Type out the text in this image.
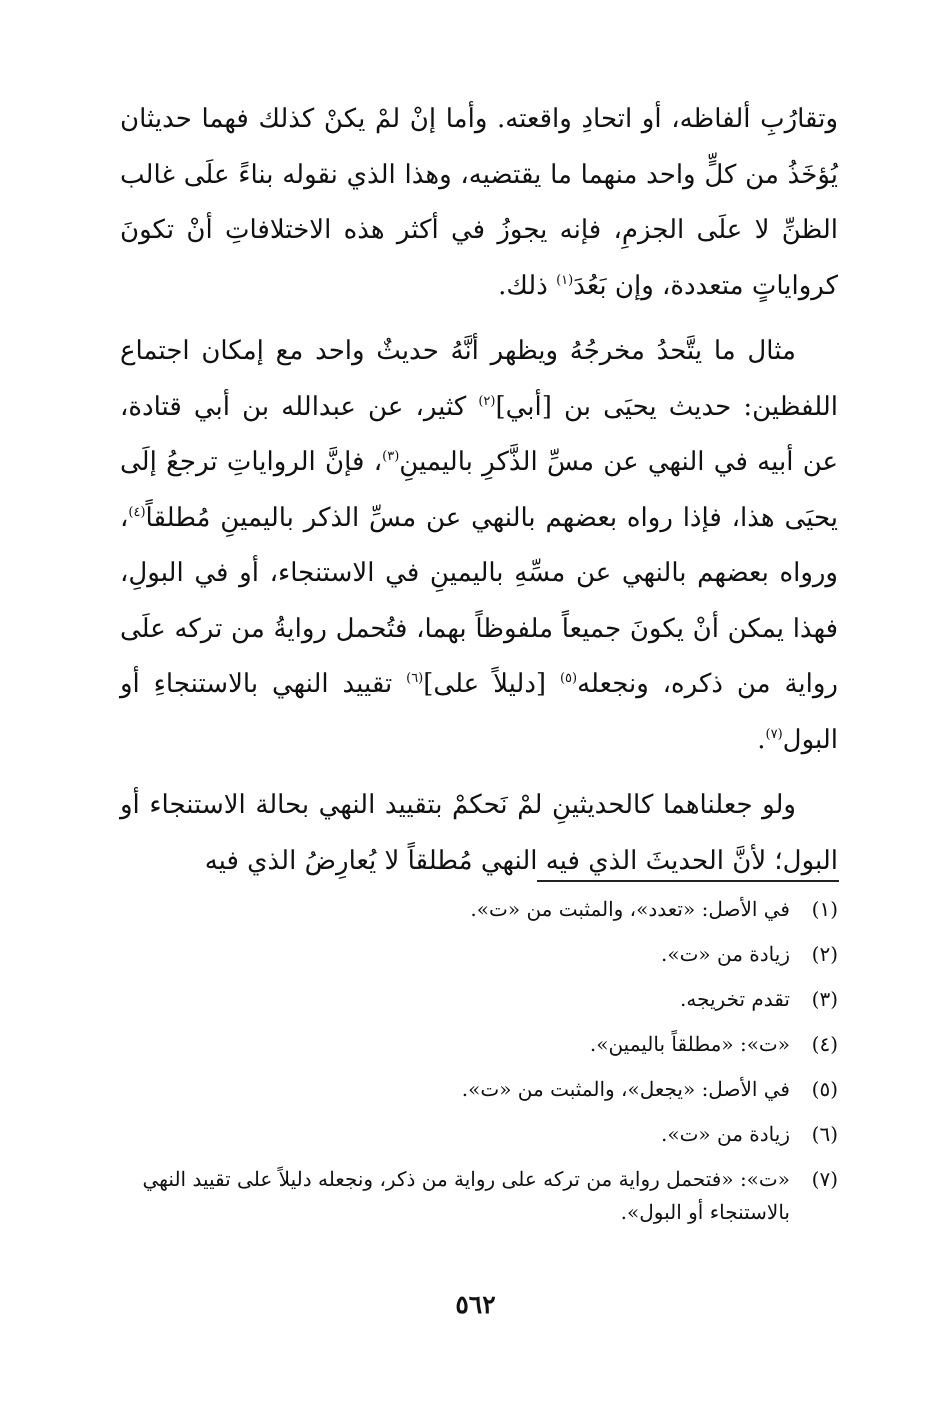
وتقارُبِ ألفاظه، أو اتحادِ واقعته. وأما إنْ لمْ يكنْ كذلك فهما حديثان يُؤخَذُ من كلٍّ واحد منهما ما يقتضيه، وهذا الذي نقوله بناءً علَى غالب الظنِّ لا علَى الجزمِ، فإنه يجوزُ في أكثر هذه الاختلافاتِ أنْ تكونَ كرواياتٍ متعددة، وإن بَعُدَ$^{(١)}$ ذلك.

مثال ما يتَّحدُ مخرجُهُ ويظهر أنَّهُ حديثٌ واحد مع إمكان اجتماع اللفظين: حديث يحيَى بن [أبي]$^{(٢)}$ كثير، عن عبدالله بن أبي قتادة، عن أبيه في النهي عن مسِّ الذَّكرِ باليمينِ$^{(٣)}$، فإنَّ الرواياتِ ترجعُ إلَى يحيَى هذا، فإذا رواه بعضهم بالنهي عن مسِّ الذكر باليمينِ مُطلقاً$^{(٤)}$، ورواه بعضهم بالنهي عن مسِّهِ باليمينِ في الاستنجاء، أو في البولِ، فهذا يمكن أنْ يكونَ جميعاً ملفوظاً بهما، فتُحمل روايةُ من تركه علَى رواية من ذكره، ونجعله$^{(٥)}$ [دليلاً على]$^{(٦)}$ تقييد النهي بالاستنجاءِ أو البول$^{(٧)}$.

ولو جعلناهما كالحديثينِ لمْ نَحكمْ بتقييد النهي بحالة الاستنجاء أو البول؛ لأنَّ الحديثَ الذي فيه النهي مُطلقاً لا يُعارِضُ الذي فيه

(١)
في الأصل: «تعدد»، والمثبت من «ت».
(٢)
زيادة من «ت».
(٣)
تقدم تخريجه.
(٤)
«ت»: «مطلقاً باليمين».
(٥)
في الأصل: «يجعل»، والمثبت من «ت».
(٦)
زيادة من «ت».
(٧)
«ت»: «فتحمل رواية من تركه على رواية من ذكر، ونجعله دليلاً على تقييد النهي بالاستنجاء أو البول».
٥٦٢
